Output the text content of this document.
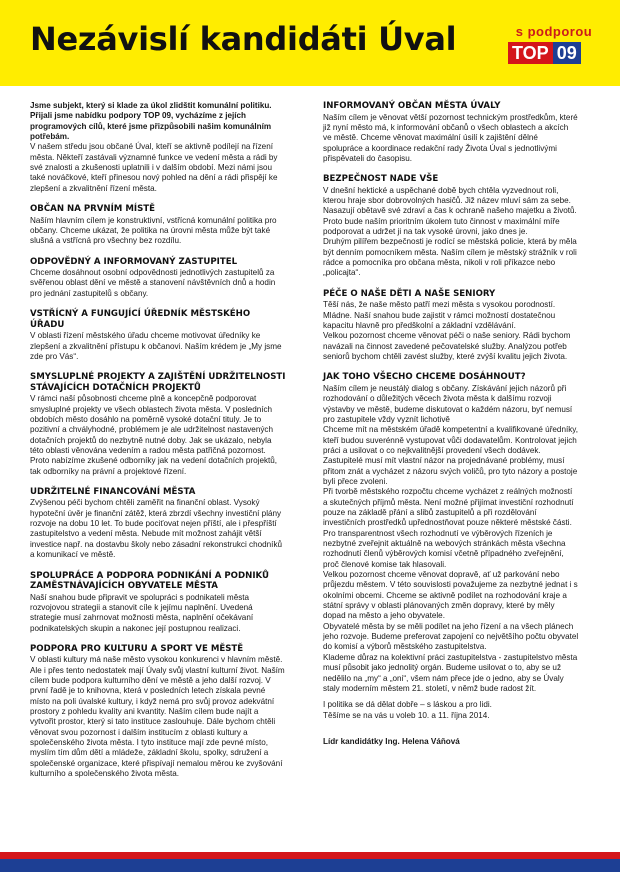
Nezávislí kandidáti Úval	s podporou
TOP 09

Jsme subjekt, který si klade za úkol zlidštit komunální politiku. Přijali jsme nabídku podpory TOP 09, vycházíme z jejích programových cílů, které jsme přizpůsobili našim komunálním potřebám.

V našem středu jsou občané Úval, kteří se aktivně podílejí na řízení města. Někteří zastávali významné funkce ve vedení města a rádi by své znalosti a zkušenosti uplatnili i v dalším období. Mezi námi jsou také nováčkové, kteří přinesou nový pohled na dění a rádi přispějí ke zlepšení a zkvalitnění řízení města.

OBČAN NA PRVNÍM MÍSTĚ

Naším hlavním cílem je konstruktivní, vstřícná komunální politika pro občany. Chceme ukázat, že politika na úrovni města může být také slušná a vstřícná pro všechny bez rozdílu.

ODPOVĚDNÝ A INFORMOVANÝ ZASTUPITEL

Chceme dosáhnout osobní odpovědnosti jednotlivých zastupitelů za svěřenou oblast dění ve městě a stanovení návštěvních dnů a hodin pro jednání zastupitelů s občany.

VSTŘÍCNÝ A FUNGUJÍCÍ ÚŘEDNÍK MĚSTSKÉHO ÚŘADU

V oblasti řízení městského úřadu chceme motivovat úředníky ke zlepšení a zkvalitnění přístupu k občanovi. Naším krédem je „My jsme zde pro Vás“.

SMYSLUPLNÉ PROJEKTY A ZAJIŠTĚNÍ UDRŽITELNOSTI STÁVAJÍCÍCH DOTAČNÍCH PROJEKTŮ

V rámci naší působnosti chceme plně a koncepčně podporovat smysluplné projekty ve všech oblastech života města. V posledních obdobích město dosáhlo na poměrně vysoké dotační tituly. Je to pozitivní a chvályhodné, problémem je ale udržitelnost nastavených dotačních projektů do nezbytně nutné doby. Jak se ukázalo, nebyla této oblasti věnována vedením a radou města patřičná pozornost. Proto nabízíme zkušené odborníky jak na vedení dotačních projektů, tak odborníky na právní a projektové řízení.

UDRŽITELNÉ FINANCOVÁNÍ MĚSTA

Zvýšenou péči bychom chtěli zaměřit na finanční oblast. Vysoký hypoteční úvěr je finanční zátěž, která zbrzdí všechny investiční plány rozvoje na dobu 10 let. To bude pociťovat nejen příští, ale i přespříští zastupitelstvo a vedení města. Nebude mít možnost zahájit větší investice např. na dostavbu školy nebo zásadní rekonstrukci chodníků a komunikací ve městě.

SPOLUPRÁCE A PODPORA PODNIKÁNÍ A PODNIKŮ ZAMĚSTNÁVAJÍCÍCH OBYVATELE MĚSTA

Naší snahou bude připravit ve spolupráci s podnikateli města rozvojovou strategii a stanovit cíle k jejímu naplnění. Uvedená strategie musí zahrnovat možnosti města, naplnění očekávaní podnikatelských skupin a nakonec její postupnou realizaci.

PODPORA PRO KULTURU A SPORT VE MĚSTĚ

V oblasti kultury má naše město vysokou konkurenci v hlavním městě. Ale i přes tento nedostatek mají Úvaly svůj vlastní kulturní život. Naším cílem bude podpora kulturního dění ve městě a jeho další rozvoj. V první řadě je to knihovna, která v posledních letech získala pevné místo na poli úvalské kultury, i když nemá pro svůj provoz adekvátní prostory z pohledu kvality ani kvantity. Naším cílem bude najít a vytvořit prostor, který si tato instituce zaslouhuje. Dále bychom chtěli věnovat svou pozornost i dalším institucím z oblasti kultury a společenského života města. I tyto instituce mají zde pevné místo, myslím tím dům dětí a mládeže, základní školu, spolky, sdružení a společenské organizace, které přispívají nemalou měrou ke zvyšování kulturního a společenského života města.

INFORMOVANÝ OBČAN MĚSTA ÚVALY

Naším cílem je věnovat větší pozornost technickým prostředkům, které již nyní město má, k informování občanů o všech oblastech a akcích ve městě. Chceme věnovat maximální úsilí k zajištění dělné spolupráce a koordinace redakční rady Života Úval s jednotlivými přispěvateli do časopisu.

BEZPEČNOST NADE VŠE

V dnešní hektické a uspěchané době bych chtěla vyzvednout roli, kterou hraje sbor dobrovolných hasičů. Již název mluví sám za sebe. Nasazují obětavě své zdraví a čas k ochraně našeho majetku a životů. Proto bude naším prioritním úkolem tuto činnost v maximální míře podporovat a udržet ji na tak vysoké úrovni, jako dnes je.

Druhým pilířem bezpečnosti je rodící se městská policie, která by měla být denním pomocníkem města. Naším cílem je městský strážník v roli rádce a pomocníka pro občana města, nikoli v roli příkazce nebo „policajta“.

PÉČE O NAŠE DĚTI A NAŠE SENIORY

Těší nás, že naše město patří mezi města s vysokou porodností. Mládne. Naší snahou bude zajistit v rámci možností dostatečnou kapacitu hlavně pro předškolní a základní vzdělávání.

Velkou pozornost chceme věnovat péči o naše seniory. Rádi bychom navázali na činnost zavedené pečovatelské služby. Analýzou potřeb seniorů bychom chtěli zavést služby, které zvýší kvalitu jejich života.

JAK TOHO VŠECHO CHCEME DOSÁHNOUT?

Naším cílem je neustálý dialog s občany. Získávání jejich názorů při rozhodování o důležitých věcech života města k dalšímu rozvoji výstavby ve městě, budeme diskutovat o každém názoru, byť nemusí pro zastupitele vždy vyznít lichotivě

Chceme mít na městském úřadě kompetentní a kvalifikované úředníky, kteří budou suverénně vystupovat vůči dodavatelům. Kontrolovat jejich práci a usilovat o co nejkvalitnější provedení všech dodávek.

Zastupitelé musí mít vlastní názor na projednávané problémy, musí přitom znát a vycházet z názoru svých voličů, pro tyto názory a postoje byli přece zvoleni.

Při tvorbě městského rozpočtu chceme vycházet z reálných možností a skutečných příjmů města. Není možné přijímat investiční rozhodnutí pouze na základě přání a slibů zastupitelů a při rozdělování investičních prostředků upřednostňovat pouze některé městské části.

Pro transparentnost všech rozhodnutí ve výběrových řízeních je nezbytné zveřejnit aktuálně na webových stránkách města všechna rozhodnutí členů výběrových komisí včetně případného zveřejnění, proč členové komise tak hlasovali.

Velkou pozornost chceme věnovat dopravě, ať už parkování nebo průjezdu městem. V této souvislosti považujeme za nezbytné jednat i s okolními obcemi. Chceme se aktivně podílet na rozhodování kraje a státní správy v oblasti plánovaných změn dopravy, které by měly dopad na město a jeho obyvatele.

Obyvatelé města by se měli podílet na jeho řízení a na všech plánech jeho rozvoje. Budeme preferovat zapojení co největšího počtu obyvatel do komisí a výborů městského zastupitelstva.

Klademe důraz na kolektivní práci zastupitelstva - zastupitelstvo města musí působit jako jednolitý orgán. Budeme usilovat o to, aby se už nedělilo na „my“ a „oni“, všem nám přece jde o jedno, aby se Úvaly staly moderním městem 21. století, v němž bude radost žít.

I politika se dá dělat dobře – s láskou a pro lidi.

Těšíme se na vás u voleb 10. a 11. října 2014.

Lídr kandidátky Ing. Helena Váňová
